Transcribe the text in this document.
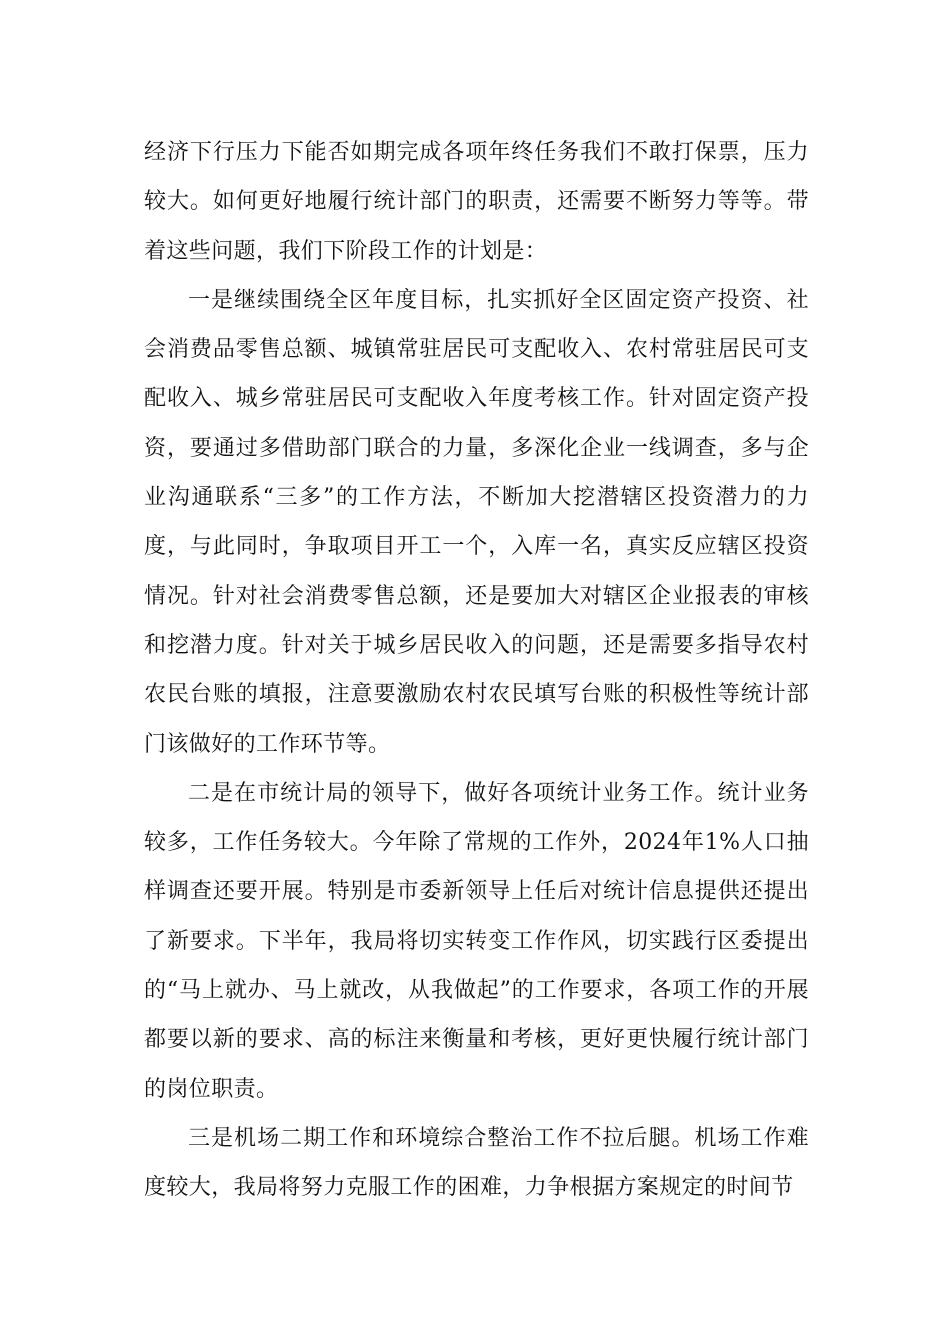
经济下行压力下能否如期完成各项年终任务我们不敢打保票，压力较大。如何更好地履行统计部门的职责，还需要不断努力等等。带着这些问题，我们下阶段工作的计划是：

一是继续围绕全区年度目标，扎实抓好全区固定资产投资、社会消费品零售总额、城镇常驻居民可支配收入、农村常驻居民可支配收入、城乡常驻居民可支配收入年度考核工作。针对固定资产投资，要通过多借助部门联合的力量，多深化企业一线调查，多与企业沟通联系“三多”的工作方法，不断加大挖潜辖区投资潜力的力度，与此同时，争取项目开工一个，入库一名，真实反应辖区投资情况。针对社会消费零售总额，还是要加大对辖区企业报表的审核和挖潜力度。针对关于城乡居民收入的问题，还是需要多指导农村农民台账的填报，注意要激励农村农民填写台账的积极性等统计部门该做好的工作环节等。

二是在市统计局的领导下，做好各项统计业务工作。统计业务较多，工作任务较大。今年除了常规的工作外，2024年1%人口抽样调查还要开展。特别是市委新领导上任后对统计信息提供还提出了新要求。下半年，我局将切实转变工作作风，切实践行区委提出的“马上就办、马上就改，从我做起”的工作要求，各项工作的开展都要以新的要求、高的标注来衡量和考核，更好更快履行统计部门的岗位职责。

三是机场二期工作和环境综合整治工作不拉后腿。机场工作难度较大，我局将努力克服工作的困难，力争根据方案规定的时间节
